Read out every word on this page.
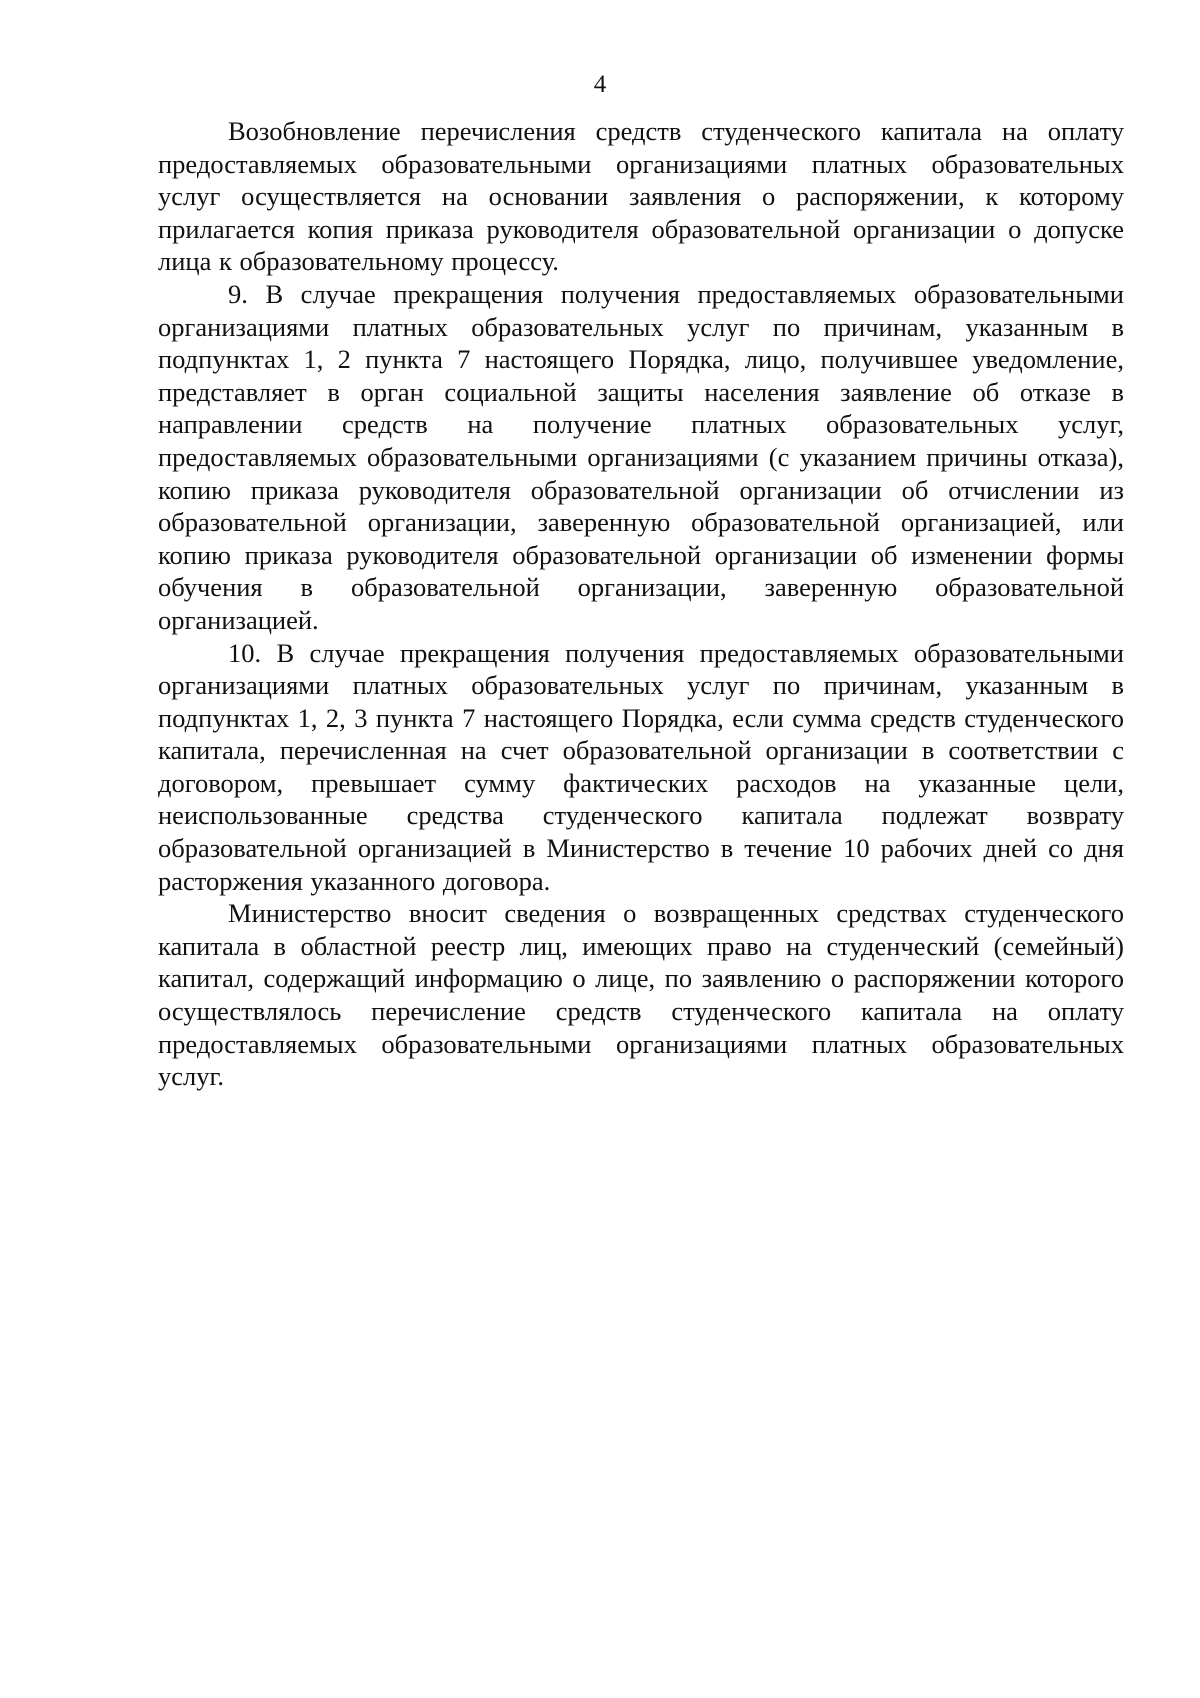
4

Возобновление перечисления средств студенческого капитала на оплату предоставляемых образовательными организациями платных образовательных услуг осуществляется на основании заявления о распоряжении, к которому прилагается копия приказа руководителя образовательной организации о допуске лица к образовательному процессу.

9. В случае прекращения получения предоставляемых образовательными организациями платных образовательных услуг по причинам, указанным в подпунктах 1, 2 пункта 7 настоящего Порядка, лицо, получившее уведомление, представляет в орган социальной защиты населения заявление об отказе в направлении средств на получение платных образовательных услуг, предоставляемых образовательными организациями (с указанием причины отказа), копию приказа руководителя образовательной организации об отчислении из образовательной организации, заверенную образовательной организацией, или копию приказа руководителя образовательной организации об изменении формы обучения в образовательной организации, заверенную образовательной организацией.

10. В случае прекращения получения предоставляемых образовательными организациями платных образовательных услуг по причинам, указанным в подпунктах 1, 2, 3 пункта 7 настоящего Порядка, если сумма средств студенческого капитала, перечисленная на счет образовательной организации в соответствии с договором, превышает сумму фактических расходов на указанные цели, неиспользованные средства студенческого капитала подлежат возврату образовательной организацией в Министерство в течение 10 рабочих дней со дня расторжения указанного договора.

Министерство вносит сведения о возвращенных средствах студенческого капитала в областной реестр лиц, имеющих право на студенческий (семейный) капитал, содержащий информацию о лице, по заявлению о распоряжении которого осуществлялось перечисление средств студенческого капитала на оплату предоставляемых образовательными организациями платных образовательных услуг.
